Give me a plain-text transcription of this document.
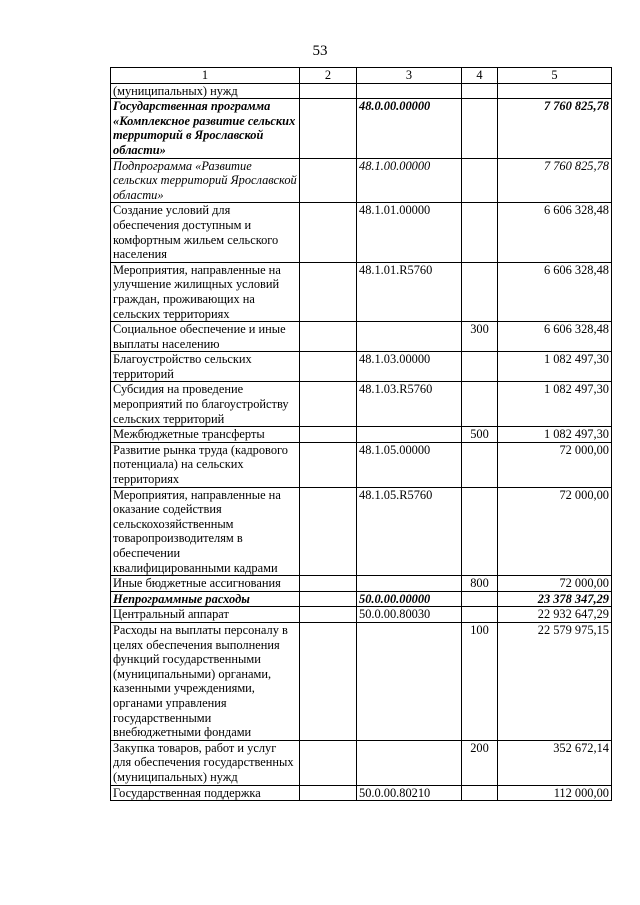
53
1	2	3	4	5
(муниципальных) нужд				
Государственная программа «Комплексное развитие сельских территорий в Ярославской области»		48.0.00.00000		7 760 825,78
Подпрограмма «Развитие сельских территорий Ярославской области»		48.1.00.00000		7 760 825,78
Создание условий для обеспечения доступным и комфортным жильем сельского населения		48.1.01.00000		6 606 328,48
Мероприятия, направленные на улучшение жилищных условий граждан, проживающих на сельских территориях		48.1.01.R5760		6 606 328,48
Социальное обеспечение и иные выплаты населению			300	6 606 328,48
Благоустройство сельских территорий		48.1.03.00000		1 082 497,30
Субсидия на проведение мероприятий по благоустройству сельских территорий		48.1.03.R5760		1 082 497,30
Межбюджетные трансферты			500	1 082 497,30
Развитие рынка труда (кадрового потенциала) на сельских территориях		48.1.05.00000		72 000,00
Мероприятия, направленные на оказание содействия сельскохозяйственным товаропроизводителям в обеспечении квалифицированными кадрами		48.1.05.R5760		72 000,00
Иные бюджетные ассигнования			800	72 000,00
Непрограммные расходы		50.0.00.00000		23 378 347,29
Центральный аппарат		50.0.00.80030		22 932 647,29
Расходы на выплаты персоналу в целях обеспечения выполнения функций государственными (муниципальными) органами, казенными учреждениями, органами управления государственными внебюджетными фондами			100	22 579 975,15
Закупка товаров, работ и услуг для обеспечения государственных (муниципальных) нужд			200	352 672,14
Государственная поддержка		50.0.00.80210		112 000,00
